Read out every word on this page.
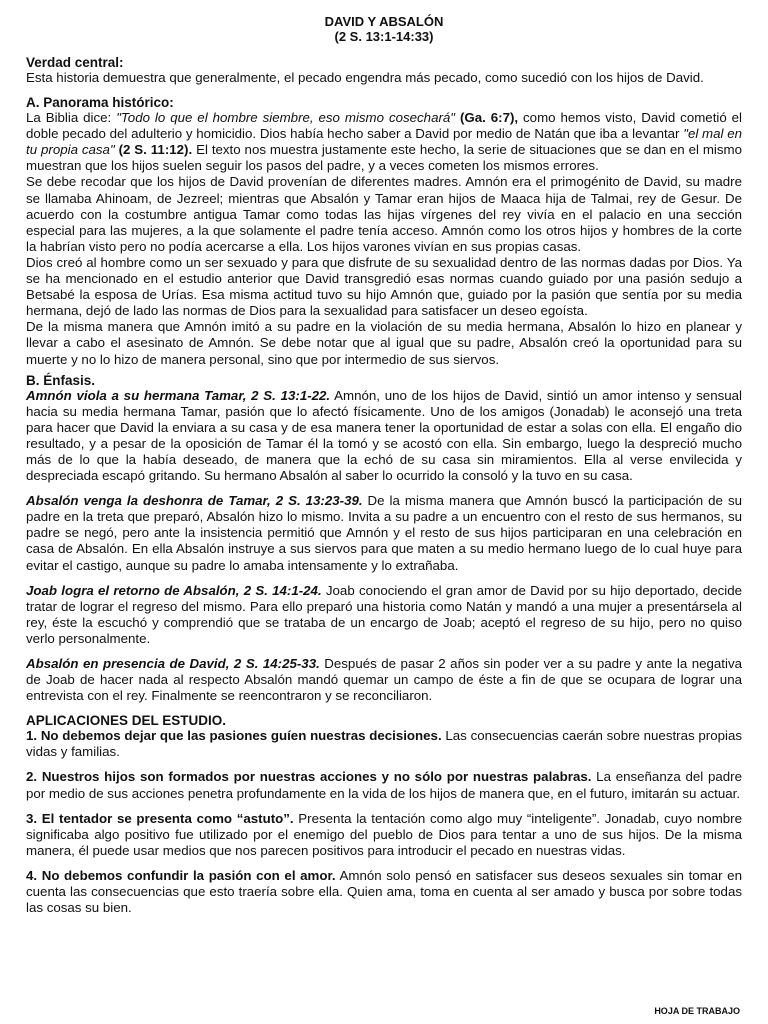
DAVID Y ABSALÓN
(2 S. 13:1-14:33)
Verdad central:

Esta historia demuestra que generalmente, el pecado engendra más pecado, como sucedió con los hijos de David.

A. Panorama histórico:

La Biblia dice: "Todo lo que el hombre siembre, eso mismo cosechará" (Ga. 6:7), como hemos visto, David cometió el doble pecado del adulterio y homicidio. Dios había hecho saber a David por medio de Natán que iba a levantar "el mal en tu propia casa" (2 S. 11:12). El texto nos muestra justamente este hecho, la serie de situaciones que se dan en el mismo muestran que los hijos suelen seguir los pasos del padre, y a veces cometen los mismos errores.

Se debe recodar que los hijos de David provenían de diferentes madres. Amnón era el primogénito de David, su madre se llamaba Ahinoam, de Jezreel; mientras que Absalón y Tamar eran hijos de Maaca hija de Talmai, rey de Gesur. De acuerdo con la costumbre antigua Tamar como todas las hijas vírgenes del rey vivía en el palacio en una sección especial para las mujeres, a la que solamente el padre tenía acceso. Amnón como los otros hijos y hombres de la corte la habrían visto pero no podía acercarse a ella. Los hijos varones vivían en sus propias casas.

Dios creó al hombre como un ser sexuado y para que disfrute de su sexualidad dentro de las normas dadas por Dios. Ya se ha mencionado en el estudio anterior que David transgredió esas normas cuando guiado por una pasión sedujo a Betsabé la esposa de Urías. Esa misma actitud tuvo su hijo Amnón que, guiado por la pasión que sentía por su media hermana, dejó de lado las normas de Dios para la sexualidad para satisfacer un deseo egoísta.

De la misma manera que Amnón imitó a su padre en la violación de su media hermana, Absalón lo hizo en planear y llevar a cabo el asesinato de Amnón. Se debe notar que al igual que su padre, Absalón creó la oportunidad para su muerte y no lo hizo de manera personal, sino que por intermedio de sus siervos.

B. Énfasis.

Amnón viola a su hermana Tamar, 2 S. 13:1-22. Amnón, uno de los hijos de David, sintió un amor intenso y sensual hacia su media hermana Tamar, pasión que lo afectó físicamente. Uno de los amigos (Jonadab) le aconsejó una treta para hacer que David la enviara a su casa y de esa manera tener la oportunidad de estar a solas con ella. El engaño dio resultado, y a pesar de la oposición de Tamar él la tomó y se acostó con ella. Sin embargo, luego la despreció mucho más de lo que la había deseado, de manera que la echó de su casa sin miramientos. Ella al verse envilecida y despreciada escapó gritando. Su hermano Absalón al saber lo ocurrido la consoló y la tuvo en su casa.

Absalón venga la deshonra de Tamar, 2 S. 13:23-39. De la misma manera que Amnón buscó la participación de su padre en la treta que preparó, Absalón hizo lo mismo. Invita a su padre a un encuentro con el resto de sus hermanos, su padre se negó, pero ante la insistencia permitió que Amnón y el resto de sus hijos participaran en una celebración en casa de Absalón. En ella Absalón instruye a sus siervos para que maten a su medio hermano luego de lo cual huye para evitar el castigo, aunque su padre lo amaba intensamente y lo extrañaba.

Joab logra el retorno de Absalón, 2 S. 14:1-24. Joab conociendo el gran amor de David por su hijo deportado, decide tratar de lograr el regreso del mismo. Para ello preparó una historia como Natán y mandó a una mujer a presentársela al rey, éste la escuchó y comprendió que se trataba de un encargo de Joab; aceptó el regreso de su hijo, pero no quiso verlo personalmente.

Absalón en presencia de David, 2 S. 14:25-33. Después de pasar 2 años sin poder ver a su padre y ante la negativa de Joab de hacer nada al respecto Absalón mandó quemar un campo de éste a fin de que se ocupara de lograr una entrevista con el rey. Finalmente se reencontraron y se reconciliaron.

APLICACIONES DEL ESTUDIO.

1. No debemos dejar que las pasiones guíen nuestras decisiones. Las consecuencias caerán sobre nuestras propias vidas y familias.

2. Nuestros hijos son formados por nuestras acciones y no sólo por nuestras palabras. La enseñanza del padre por medio de sus acciones penetra profundamente en la vida de los hijos de manera que, en el futuro, imitarán su actuar.

3. El tentador se presenta como “astuto”. Presenta la tentación como algo muy “inteligente”. Jonadab, cuyo nombre significaba algo positivo fue utilizado por el enemigo del pueblo de Dios para tentar a uno de sus hijos. De la misma manera, él puede usar medios que nos parecen positivos para introducir el pecado en nuestras vidas.

4. No debemos confundir la pasión con el amor. Amnón solo pensó en satisfacer sus deseos sexuales sin tomar en cuenta las consecuencias que esto traería sobre ella. Quien ama, toma en cuenta al ser amado y busca por sobre todas las cosas su bien.

HOJA DE TRABAJO
